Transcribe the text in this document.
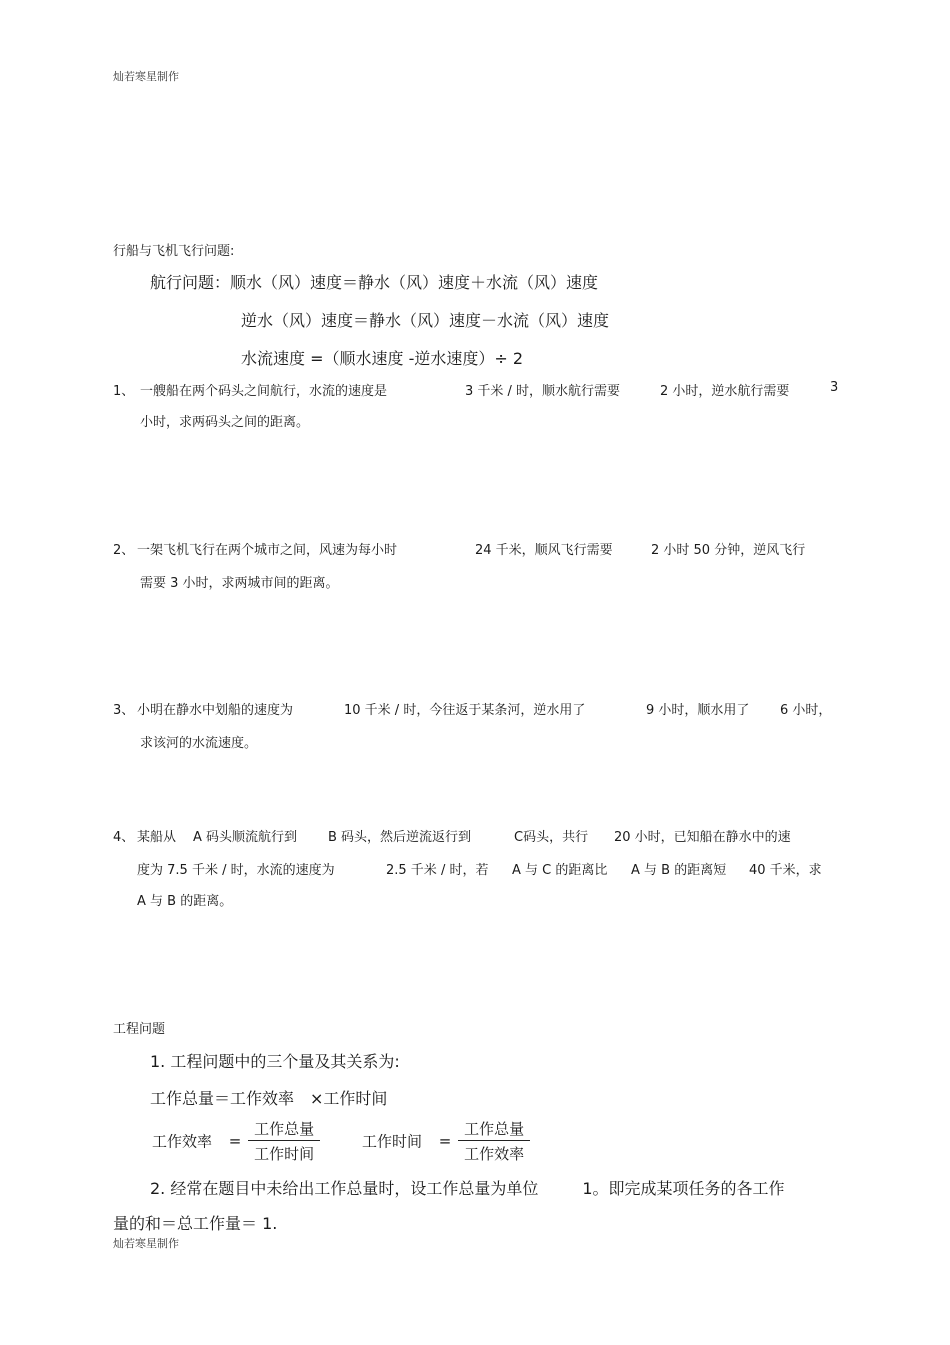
灿若寒星制作
行船与飞机飞行问题:
航行问题：顺水（风）速度＝静水（风）速度＋水流（风）速度
逆水（风）速度＝静水（风）速度－水流（风）速度
水流速度 =（顺水速度 -逆水速度）÷ 2
1、 一艘船在两个码头之间航行，水流的速度是	3 千米 / 时，顺水航行需要	2 小时，逆水航行需要	3
小时，求两码头之间的距离。
2、 一架飞机飞行在两个城市之间，风速为每小时	24 千米，顺风飞行需要	2 小时 50 分钟，逆风飞行
需要 3 小时，求两城市间的距离。
3、 小明在静水中划船的速度为	10 千米 / 时，今往返于某条河，逆水用了	9 小时，顺水用了 6 小时，
求该河的水流速度。
4、 某船从 A 码头顺流航行到 B 码头，然后逆流返行到	C码头，共行 20 小时，已知船在静水中的速
度为 7.5 千米 / 时，水流的速度为	2.5 千米 / 时，若 A 与 C 的距离比 A 与 B 的距离短 40 千米，求
A 与 B 的距离。
工程问题
1. 工程问题中的三个量及其关系为:
工作总量＝工作效率 ×工作时间
工作效率 = $\frac{\text{工作总量}}{\text{工作时间}}$	工作时间 = $\frac{\text{工作总量}}{\text{工作效率}}$
2. 经常在题目中未给出工作总量时，设工作总量为单位	1。即完成某项任务的各工作
量的和＝总工作量＝ 1.
灿若寒星制作
